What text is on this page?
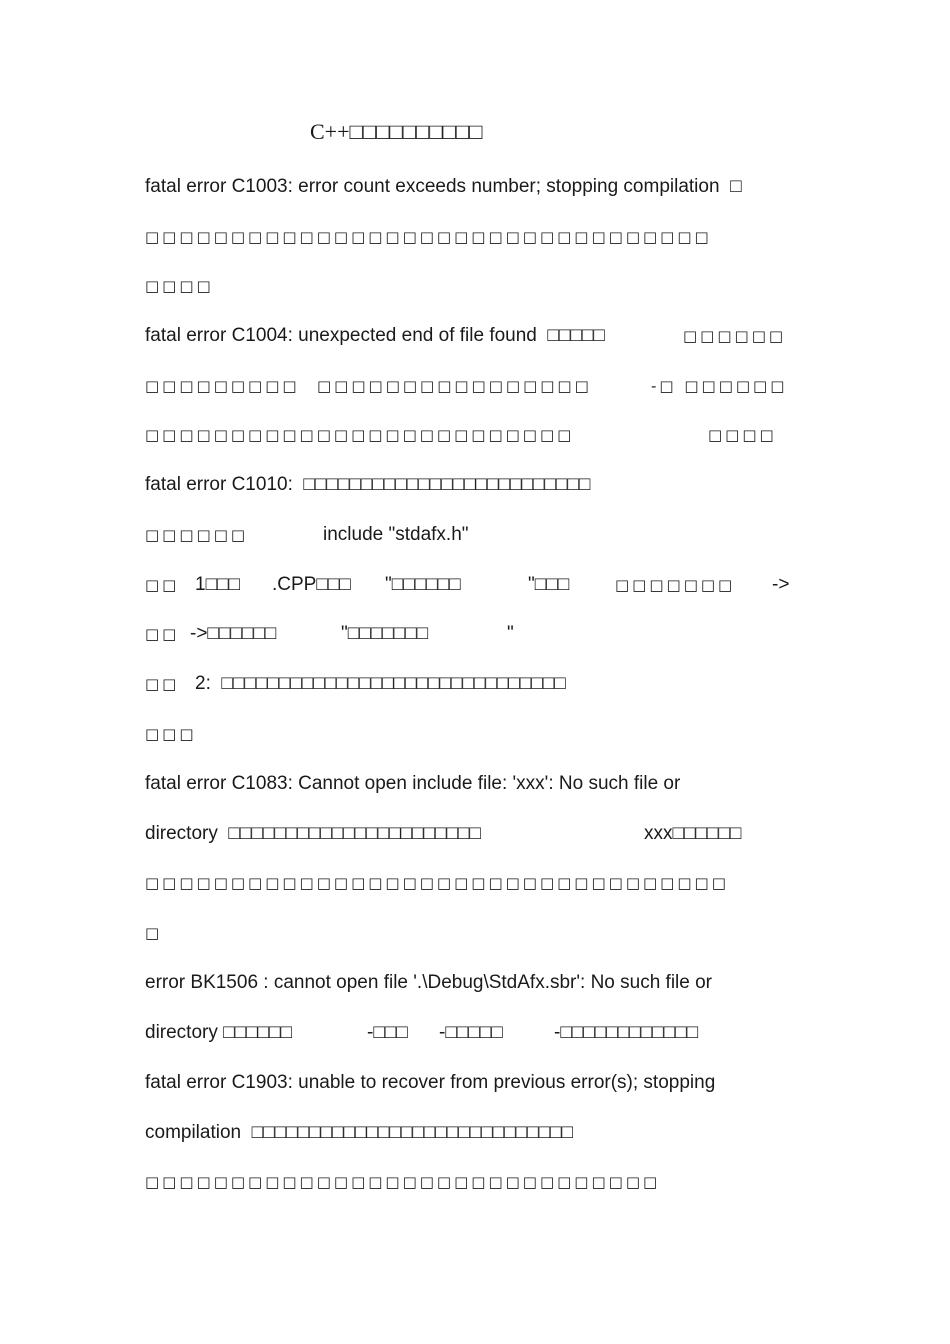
C++□□□□□□□□□□

fatal error C1003: error count exceeds number; stopping compilation  □

□□□□□□□□□□□□□□□□□□□□□□□□□□□□□□□□□

□□□□

fatal error C1004: unexpected end of file found  □□□□□

	□□□□□□

□□□□□□□□□

□□□□□□□□□□□□□□□□

	-□ □□□□□□

□□□□□□□□□□□□□□□□□□□□□□□□□

	□□□□

fatal error C1010:  □□□□□□□□□□□□□□□□□□□□□□□□□

□□□□□□

	include "stdafx.h"

□□

1□□□

.CPP□□□

"□□□□□□

	"□□□

	□□□□□□□

->

□□

->□□□□□□

	"□□□□□□□

	"

□□

2:  □□□□□□□□□□□□□□□□□□□□□□□□□□□□□□

□□□

fatal error C1083: Cannot open include file: 'xxx': No such file or

directory  □□□□□□□□□□□□□□□□□□□□□□

	xxx□□□□□□

□□□□□□□□□□□□□□□□□□□□□□□□□□□□□□□□□□

□

error BK1506 : cannot open file '.\Debug\StdAfx.sbr': No such file or

directory □□□□□□

	-□□□

-□□□□□

	-□□□□□□□□□□□□

fatal error C1903: unable to recover from previous error(s); stopping

compilation  □□□□□□□□□□□□□□□□□□□□□□□□□□□□

□□□□□□□□□□□□□□□□□□□□□□□□□□□□□□
